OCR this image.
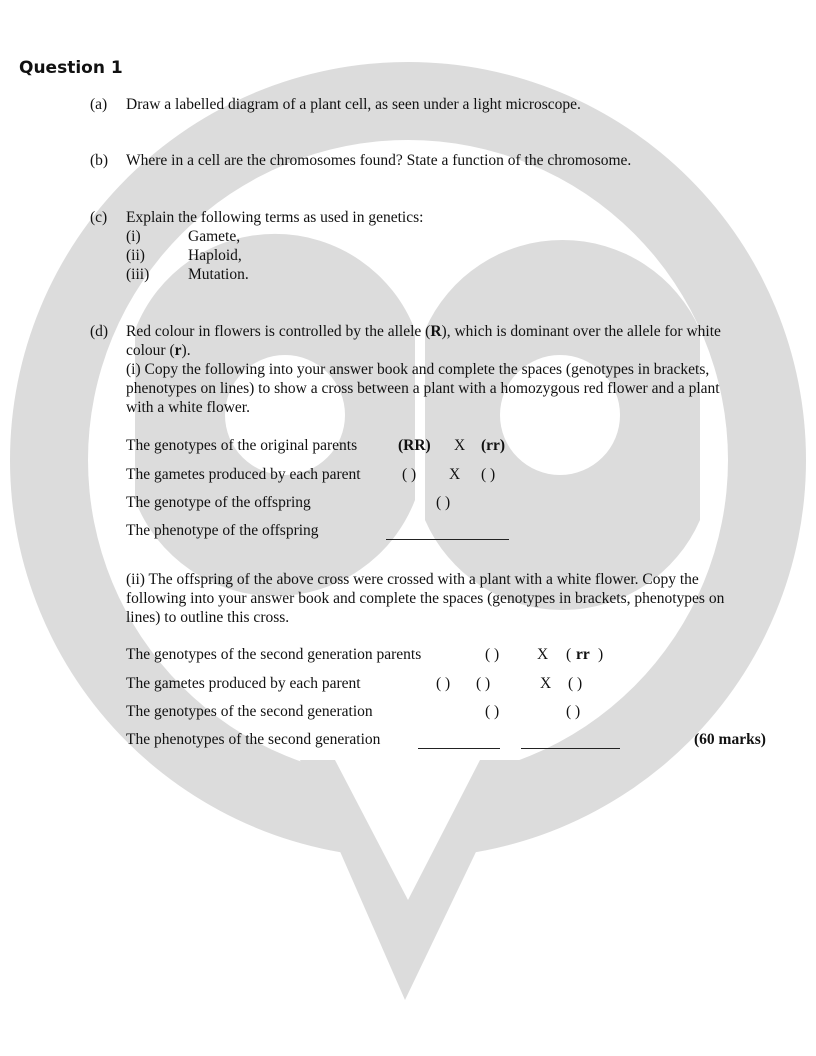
Question 1
(a) Draw a labelled diagram of a plant cell, as seen under a light microscope.
(b) Where in a cell are the chromosomes found? State a function of the chromosome.
(c) Explain the following terms as used in genetics:
(i)	Gamete,
(ii)	Haploid,
(iii)	Mutation.
(d) Red colour in flowers is controlled by the allele (R), which is dominant over the allele for white colour (r).
(i) Copy the following into your answer book and complete the spaces (genotypes in brackets, phenotypes on lines) to show a cross between a plant with a homozygous red flower and a plant with a white flower.
The genotypes of the original parents	(RR) X (rr)
The gametes produced by each parent	( ) X ( )
The genotype of the offspring	( )
The phenotype of the offspring
(ii) The offspring of the above cross were crossed with a plant with a white flower. Copy the following into your answer book and complete the spaces (genotypes in brackets, phenotypes on lines) to outline this cross.
The genotypes of the second generation parents	( ) X ( rr )
The gametes produced by each parent	( ) ( )	X ( )
The genotypes of the second generation	( )	( )
The phenotypes of the second generation	(60 marks)
